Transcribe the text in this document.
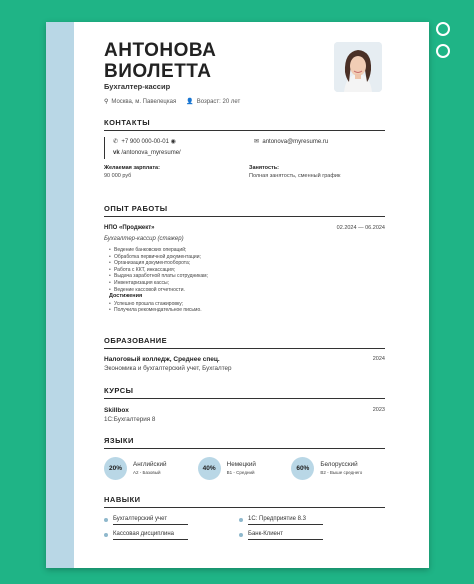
АНТОНОВА
ВИОЛЕТТА
Бухгалтер-кассир
⚲ Москва, м. Павелецкая 👤 Возраст: 20 лет
КОНТАКТЫ
✆ +7 900 000-00-01 ◉
vk /antonova_myresume/
✉ antonova@myresume.ru
Желаемая зарплата:
90 000 руб
Занятость:
Полная занятость, сменный график
ОПЫТ РАБОТЫ
НПО «Проджект»	02.2024 — 06.2024
Бухгалтер-кассир (стажер)
• Ведение банковских операций;
• Обработка первичной документации;
• Организация документооборота;
• Работа с ККТ, инкассация;
• Выдача заработной платы сотрудникам;
• Инвентаризация кассы;
• Ведение кассовой отчетности.
Достижения
• Успешно прошла стажировку;
• Получила рекомендательное письмо.
ОБРАЗОВАНИЕ
Налоговый колледж, Среднее спец.	2024
Экономика и бухгалтерский учет, Бухгалтер
КУРСЫ
Skillbox	2023
1С:Бухгалтерия 8
ЯЗЫКИ
20%
Английский
A2 - Базовый	40%
Немецкий
B1 - Средний	60%
Белорусский
B2 - Выше среднего
НАВЫКИ
Бухгалтерский учет	1С: Предприятие 8.3
Кассовая дисциплина	Банк-Клиент
